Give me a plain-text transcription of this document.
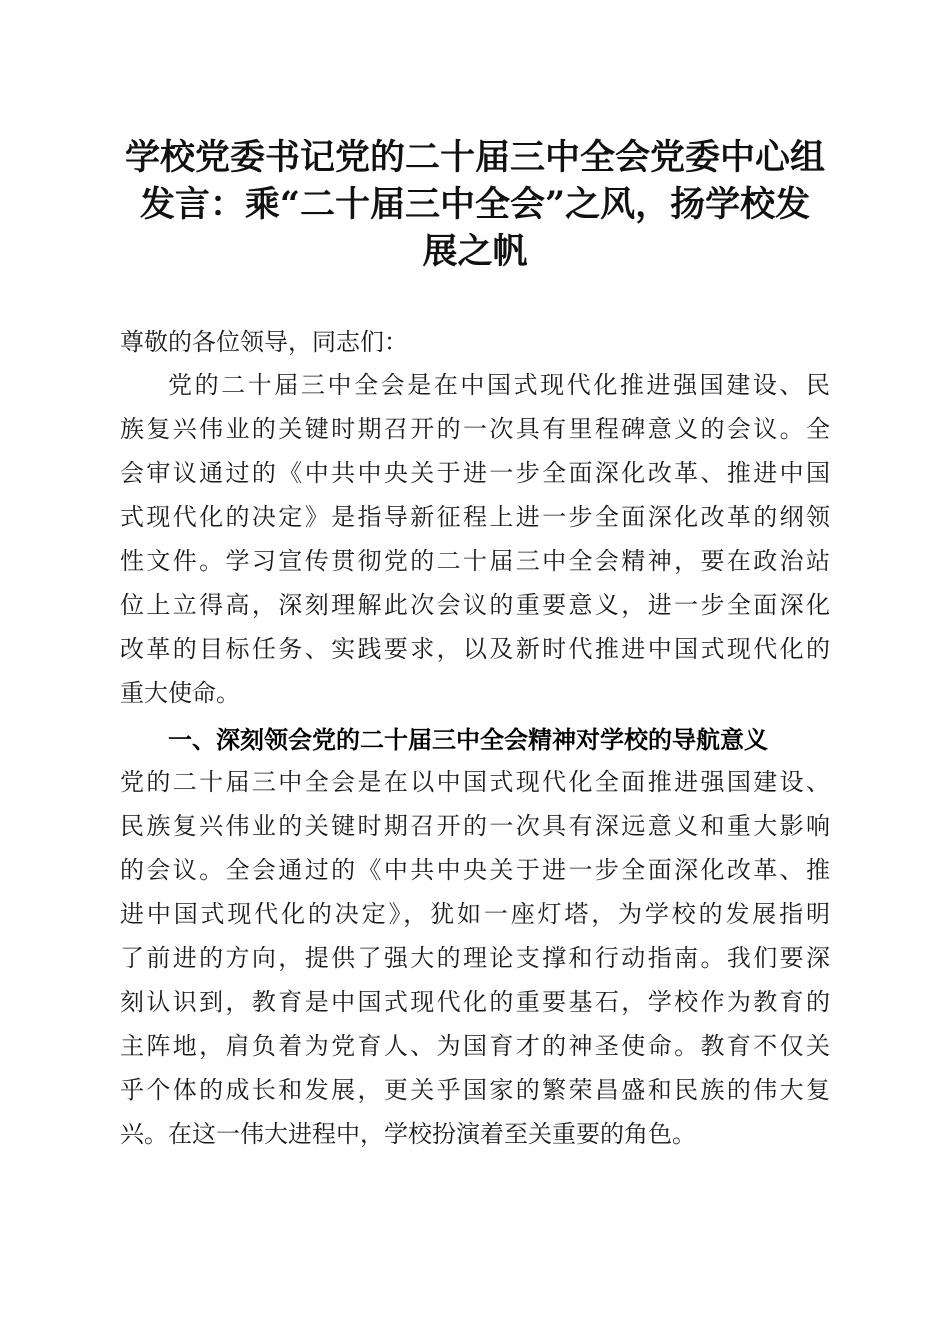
学校党委书记党的二十届三中全会党委中心组
发言：乘“二十届三中全会”之风，扬学校发
展之帆
尊敬的各位领导，同志们：
党的二十届三中全会是在中国式现代化推进强国建设、民
族复兴伟业的关键时期召开的一次具有里程碑意义的会议。全
会审议通过的《中共中央关于进一步全面深化改革、推进中国
式现代化的决定》是指导新征程上进一步全面深化改革的纲领
性文件。学习宣传贯彻党的二十届三中全会精神，要在政治站
位上立得高，深刻理解此次会议的重要意义，进一步全面深化
改革的目标任务、实践要求，以及新时代推进中国式现代化的
重大使命。
一、深刻领会党的二十届三中全会精神对学校的导航意义
党的二十届三中全会是在以中国式现代化全面推进强国建设、
民族复兴伟业的关键时期召开的一次具有深远意义和重大影响
的会议。全会通过的《中共中央关于进一步全面深化改革、推
进中国式现代化的决定》，犹如一座灯塔，为学校的发展指明
了前进的方向，提供了强大的理论支撑和行动指南。我们要深
刻认识到，教育是中国式现代化的重要基石，学校作为教育的
主阵地，肩负着为党育人、为国育才的神圣使命。教育不仅关
乎个体的成长和发展，更关乎国家的繁荣昌盛和民族的伟大复
兴。在这一伟大进程中，学校扮演着至关重要的角色。
